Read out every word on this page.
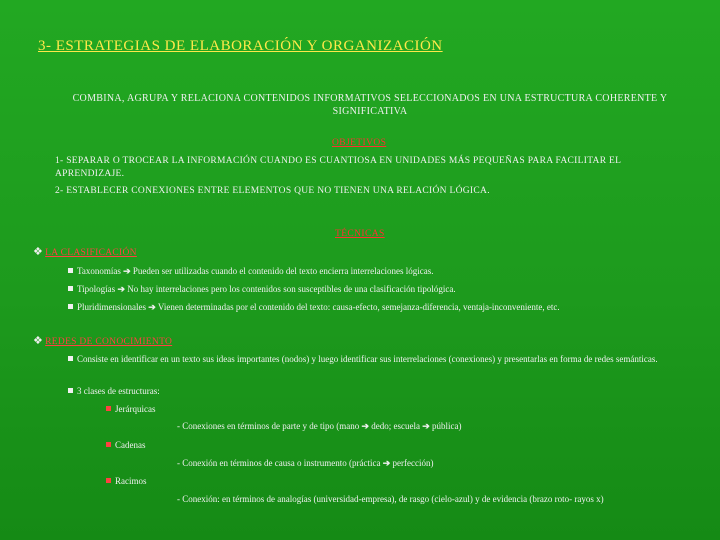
3- ESTRATEGIAS DE ELABORACIÓN Y ORGANIZACIÓN
COMBINA, AGRUPA Y RELACIONA CONTENIDOS INFORMATIVOS SELECCIONADOS EN UNA ESTRUCTURA COHERENTE Y SIGNIFICATIVA
OBJETIVOS
1- SEPARAR O TROCEAR LA INFORMACIÓN CUANDO ES CUANTIOSA EN UNIDADES MÁS PEQUEÑAS PARA FACILITAR EL APRENDIZAJE.
2- ESTABLECER CONEXIONES ENTRE ELEMENTOS QUE NO TIENEN UNA RELACIÓN LÓGICA.
TÉCNICAS
❖ LA CLASIFICACIÓN
Taxonomías ➔ Pueden ser utilizadas cuando el contenido del texto encierra interrelaciones lógicas.
Tipologías ➔ No hay interrelaciones pero los contenidos son susceptibles de una clasificación tipológica.
Pluridimensionales ➔ Vienen determinadas por el contenido del texto: causa-efecto, semejanza-diferencia, ventaja-inconveniente, etc.
❖ REDES DE CONOCIMIENTO
Consiste en identificar en un texto sus ideas importantes (nodos) y luego identificar sus interrelaciones (conexiones) y presentarlas en forma de redes semánticas.
3 clases de estructuras:
Jerárquicas
- Conexiones en términos de parte y de tipo (mano ➔ dedo; escuela ➔ pública)
Cadenas
- Conexión en términos de causa o instrumento (práctica ➔ perfección)
Racimos
- Conexión: en términos de analogías (universidad-empresa), de rasgo (cielo-azul) y de evidencia (brazo roto- rayos x)
